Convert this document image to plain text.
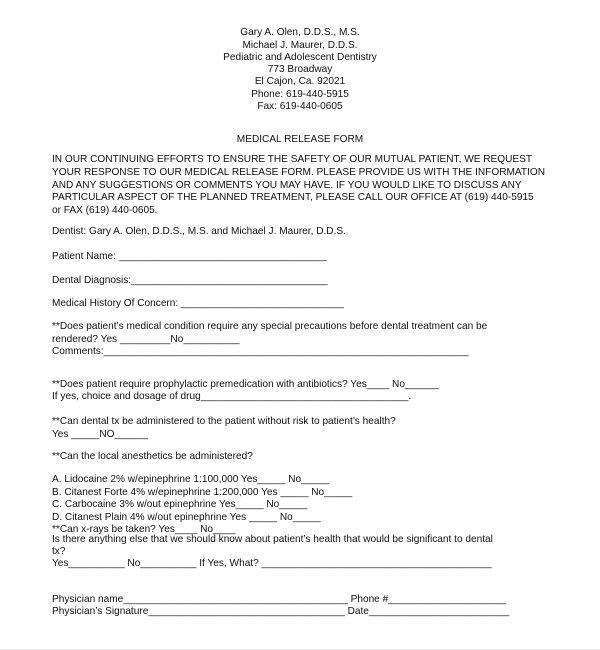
Gary A. Olen, D.D.S., M.S.
Michael J. Maurer, D.D.S.
Pediatric and Adolescent Dentistry
773 Broadway
El Cajon, Ca. 92021
Phone: 619-440-5915
Fax: 619-440-0605
MEDICAL RELEASE FORM
IN OUR CONTINUING EFFORTS TO ENSURE THE SAFETY OF OUR MUTUAL PATIENT, WE REQUEST
YOUR RESPONSE TO OUR MEDICAL RELEASE FORM. PLEASE PROVIDE US WITH THE INFORMATION
AND ANY SUGGESTIONS OR COMMENTS YOU MAY HAVE. IF YOU WOULD LIKE TO DISCUSS ANY
PARTICULAR ASPECT OF THE PLANNED TREATMENT, PLEASE CALL OUR OFFICE AT (619) 440-5915
or FAX (619) 440-0605.
Dentist: Gary A. Olen, D.D.S., M.S. and Michael J. Maurer, D.D.S.
Patient Name: _____________________________________
Dental Diagnosis:___________________________________
Medical History Of Concern: _____________________________
**Does patient’s medical condition require any special precautions before dental treatment can be
rendered? Yes _________No__________
Comments:_________________________________________________________________
**Does patient require prophylactic premedication with antibiotics? Yes____ No______
If yes, choice and dosage of drug_____________________________________.
**Can dental tx be administered to the patient without risk to patient’s health?
Yes _____NO______
**Can the local anesthetics be administered?
A. Lidocaine 2% w/epinephrine 1:100,000 Yes_____ No_____
B. Citanest Forte 4% w/epinephrine 1:200,000 Yes _____ No_____
C. Carbocaine 3% w/out epinephrine Yes_____ No_____
D. Citanest Plain 4% w/out epinephrine Yes _____ No_____
**Can x-rays be taken? Yes____ No____
Is there anything else that we should know about patient’s health that would be significant to dental
tx?
Yes__________ No__________ If Yes, What? _________________________________________
Physician name________________________________________ Phone #_____________________
Physician’s Signature___________________________________ Date_________________________
